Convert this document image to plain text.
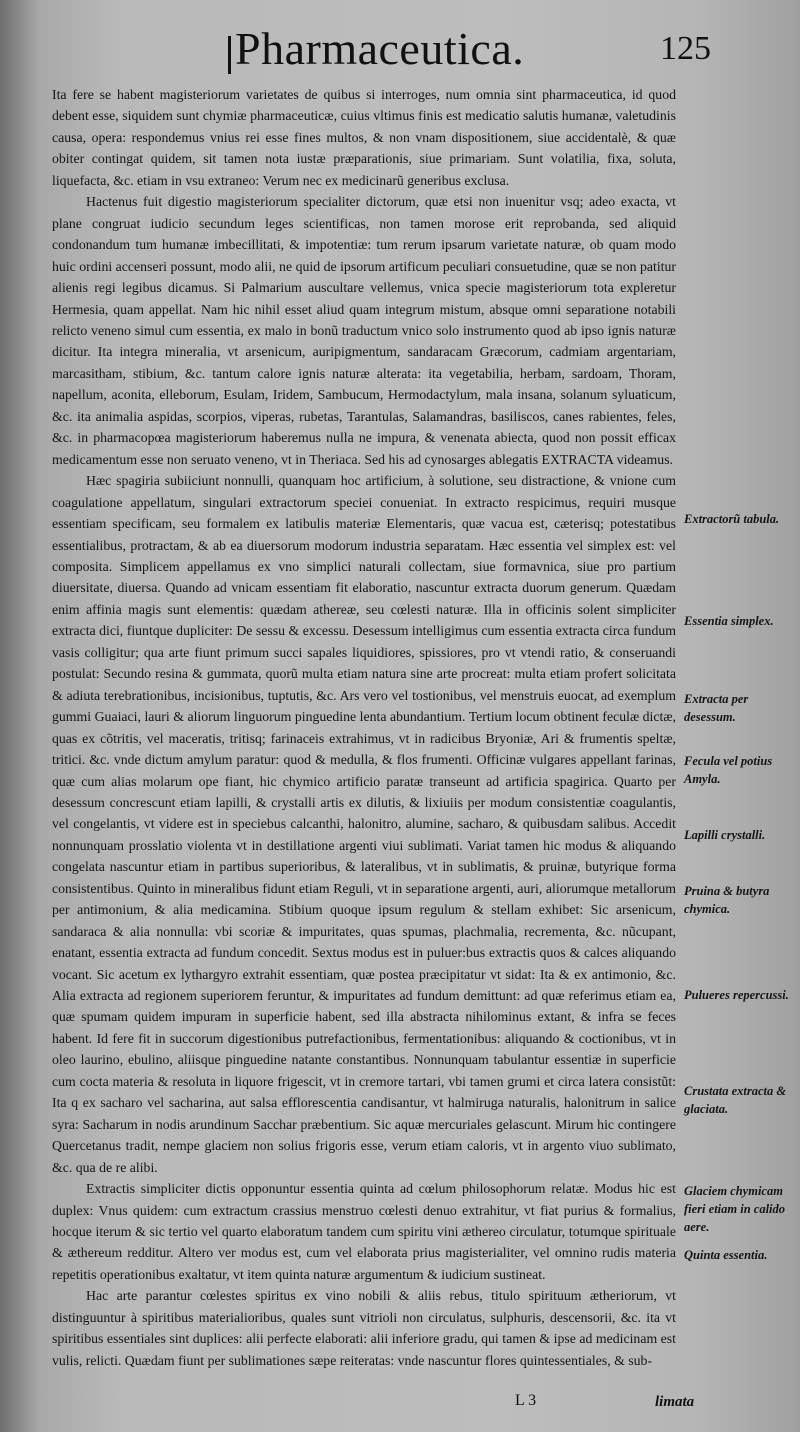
Pharmaceutica.	125

Ita fere se habent magisteriorum varietates de quibus si interroges, num omnia sint pharmaceutica, id quod debent esse, siquidem sunt chymiæ pharmaceuticæ, cuius vltimus finis est medicatio salutis humanæ, valetudinis causa, opera: respondemus vnius rei esse fines multos, & non vnam dispositionem, siue accidentalè, & quæ obiter contingat quidem, sit tamen nota iustæ præparationis, siue primariam. Sunt volatilia, fixa, soluta, liquefacta, &c. etiam in vsu extraneo: Verum nec ex medicinarũ generibus exclusa.

Hactenus fuit digestio magisteriorum specialiter dictorum, quæ etsi non inuenitur vsq; adeo exacta, vt plane congruat iudicio secundum leges scientificas, non tamen morose erit reprobanda, sed aliquid condonandum tum humanæ imbecillitati, & impotentiæ: tum rerum ipsarum varietate naturæ, ob quam modo huic ordini accenseri possunt, modo alii, ne quid de ipsorum artificum peculiari consuetudine, quæ se non patitur alienis regi legibus dicamus. Si Palmarium auscultare vellemus, vnica specie magisteriorum tota expleretur Hermesia, quam appellat. Nam hic nihil esset aliud quam integrum mistum, absque omni separatione notabili relicto veneno simul cum essentia, ex malo in bonũ traductum vnico solo instrumento quod ab ipso ignis naturæ dicitur. Ita integra mineralia, vt arsenicum, auripigmentum, sandaracam Græcorum, cadmiam argentariam, marcasitham, stibium, &c. tantum calore ignis naturæ alterata: ita vegetabilia, herbam, sardoam, Thoram, napellum, aconita, elleborum, Esulam, Iridem, Sambucum, Hermodactylum, mala insana, solanum syluaticum, &c. ita animalia aspidas, scorpios, viperas, rubetas, Tarantulas, Salamandras, basiliscos, canes rabientes, feles, &c. in pharmacopœa magisteriorum haberemus nulla ne impura, & venenata abiecta, quod non possit efficax medicamentum esse non seruato veneno, vt in Theriaca. Sed his ad cynosarges ablegatis EXTRACTA videamus.

Hæc spagiria subiiciunt nonnulli, quanquam hoc artificium, à solutione, seu distractione, & vnione cum coagulatione appellatum, singulari extractorum speciei conueniat. In extracto respicimus, requiri musque essentiam specificam, seu formalem ex latibulis materiæ Elementaris, quæ vacua est, cæterisq; potestatibus essentialibus, protractam, & ab ea diuersorum modorum industria separatam. Hæc essentia vel simplex est: vel composita. Simplicem appellamus ex vno simplici naturali collectam, siue formavnica, siue pro partium diuersitate, diuersa. Quando ad vnicam essentiam fit elaboratio, nascuntur extracta duorum generum. Quædam enim affinia magis sunt elementis: quædam athereæ, seu cœlesti naturæ. Illa in officinis solent simpliciter extracta dici, fiuntque dupliciter: De sessu & excessu. Desessum intelligimus cum essentia extracta circa fundum vasis colligitur; qua arte fiunt primum succi sapales liquidiores, spissiores, pro vt vtendi ratio, & conseruandi postulat: Secundo resina & gummata, quorũ multa etiam natura sine arte procreat: multa etiam profert solicitata & adiuta terebrationibus, incisionibus, tuptutis, &c. Ars vero vel tostionibus, vel menstruis euocat, ad exemplum gummi Guaiaci, lauri & aliorum linguorum pinguedine lenta abundantium. Tertium locum obtinent feculæ dictæ, quas ex cõtritis, vel maceratis, tritisq; farinaceis extrahimus, vt in radicibus Bryoniæ, Ari & frumentis speltæ, tritici. &c. vnde dictum amylum paratur: quod & medulla, & flos frumenti. Officinæ vulgares appellant farinas, quæ cum alias molarum ope fiant, hic chymico artificio paratæ transeunt ad artificia spagirica. Quarto per desessum concrescunt etiam lapilli, & crystalli artis ex dilutis, & lixiuiis per modum consistentiæ coagulantis, vel congelantis, vt videre est in speciebus calcanthi, halonitro, alumine, sacharo, & quibusdam salibus. Accedit nonnunquam prosslatio violenta vt in destillatione argenti viui sublimati. Variat tamen hic modus & aliquando congelata nascuntur etiam in partibus superioribus, & lateralibus, vt in sublimatis, & pruinæ, butyrique forma consistentibus. Quinto in mineralibus fidunt etiam Reguli, vt in separatione argenti, auri, aliorumque metallorum per antimonium, & alia medicamina. Stibium quoque ipsum regulum & stellam exhibet: Sic arsenicum, sandaraca & alia nonnulla: vbi scoriæ & impuritates, quas spumas, plachmalia, recrementa, &c. nũcupant, enatant, essentia extracta ad fundum concedit. Sextus modus est in puluer:bus extractis quos & calces aliquando vocant. Sic acetum ex lythargyro extrahit essentiam, quæ postea præcipitatur vt sidat: Ita & ex antimonio, &c. Alia extracta ad regionem superiorem feruntur, & impuritates ad fundum demittunt: ad quæ referimus etiam ea, quæ spumam quidem impuram in superficie habent, sed illa abstracta nihilominus extant, & infra se feces habent. Id fere fit in succorum digestionibus putrefactionibus, fermentationibus: aliquando & coctionibus, vt in oleo laurino, ebulino, aliisque pinguedine natante constantibus. Nonnunquam tabulantur essentiæ in superficie cum cocta materia & resoluta in liquore frigescit, vt in cremore tartari, vbi tamen grumi et circa latera consistũt: Ita q ex sacharo vel sacharina, aut salsa efflorescentia candisantur, vt halmiruga naturalis, halonitrum in salice syra: Sacharum in nodis arundinum Sacchar præbentium. Sic aquæ mercuriales gelascunt. Mirum hic contingere Quercetanus tradit, nempe glaciem non solius frigoris esse, verum etiam caloris, vt in argento viuo sublimato, &c. qua de re alibi.

Extractis simpliciter dictis opponuntur essentia quinta ad cœlum philosophorum relatæ. Modus hic est duplex: Vnus quidem: cum extractum crassius menstruo cœlesti denuo extrahitur, vt fiat purius & formalius, hocque iterum & sic tertio vel quarto elaboratum tandem cum spiritu vini æthereo circulatur, totumque spirituale & æthereum redditur. Altero ver modus est, cum vel elaborata prius magisterialiter, vel omnino rudis materia repetitis operationibus exaltatur, vt item quinta naturæ argumentum & iudicium sustineat.

Hac arte parantur cœlestes spiritus ex vino nobili & aliis rebus, titulo spirituum ætheriorum, vt distinguuntur à spiritibus materialioribus, quales sunt vitrioli non circulatus, sulphuris, descensorii, &c. ita vt spiritibus essentiales sint duplices: alii perfecte elaborati: alii inferiore gradu, qui tamen & ipse ad medicinam est vulis, relicti. Quædam fiunt per sublimationes sæpe reiteratas: vnde nascuntur flores quintessentiales, & sub-

Extractorũ tabula.
Essentia simplex.
Extracta per desessum.
Fecula vel potius Amyla.
Lapilli crystalli.
Pruina & butyra chymica.
Pulueres repercussi.
Crustata extracta & glaciata.
Glaciem chymicam fieri etiam in calido aere.
Quinta essentia.
L 3	limata
